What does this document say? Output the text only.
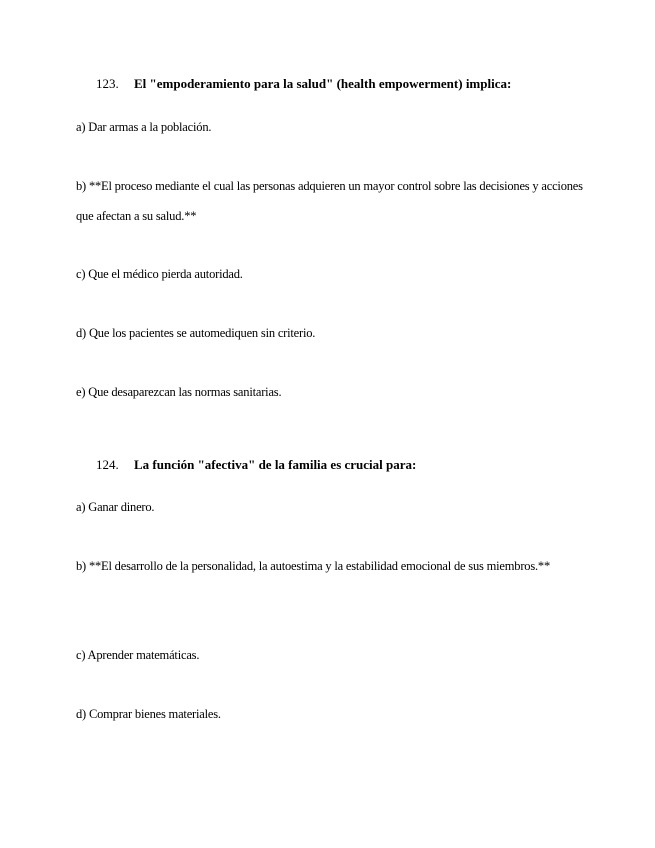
123. El "empoderamiento para la salud" (health empowerment) implica:
a) Dar armas a la población.
b) **El proceso mediante el cual las personas adquieren un mayor control sobre las decisiones y acciones que afectan a su salud.**
c) Que el médico pierda autoridad.
d) Que los pacientes se automediquen sin criterio.
e) Que desaparezcan las normas sanitarias.
124. La función "afectiva" de la familia es crucial para:
a) Ganar dinero.
b) **El desarrollo de la personalidad, la autoestima y la estabilidad emocional de sus miembros.**
c) Aprender matemáticas.
d) Comprar bienes materiales.
